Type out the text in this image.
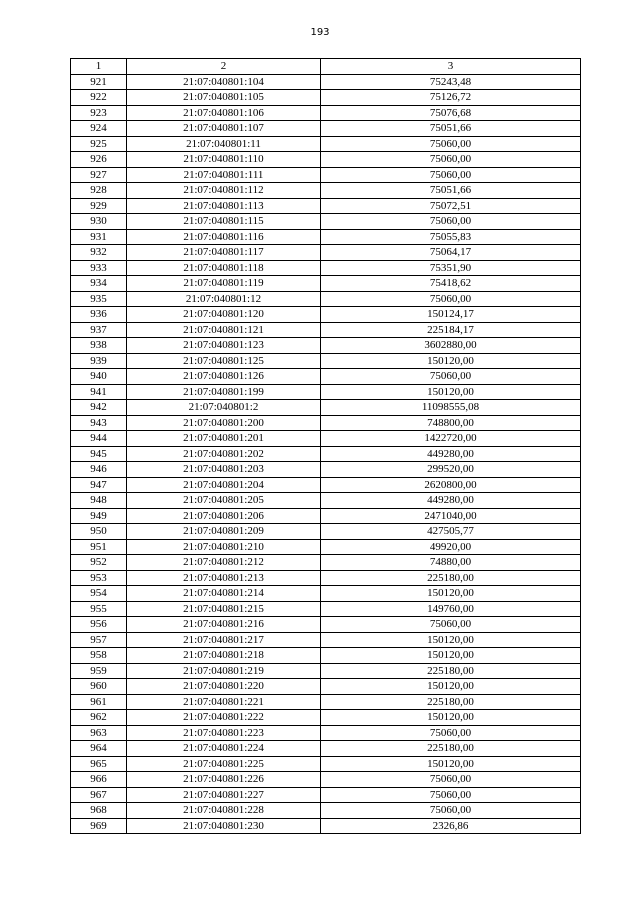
193
1	2	3
921	21:07:040801:104	75243,48
922	21:07:040801:105	75126,72
923	21:07:040801:106	75076,68
924	21:07:040801:107	75051,66
925	21:07:040801:11	75060,00
926	21:07:040801:110	75060,00
927	21:07:040801:111	75060,00
928	21:07:040801:112	75051,66
929	21:07:040801:113	75072,51
930	21:07:040801:115	75060,00
931	21:07:040801:116	75055,83
932	21:07:040801:117	75064,17
933	21:07:040801:118	75351,90
934	21:07:040801:119	75418,62
935	21:07:040801:12	75060,00
936	21:07:040801:120	150124,17
937	21:07:040801:121	225184,17
938	21:07:040801:123	3602880,00
939	21:07:040801:125	150120,00
940	21:07:040801:126	75060,00
941	21:07:040801:199	150120,00
942	21:07:040801:2	11098555,08
943	21:07:040801:200	748800,00
944	21:07:040801:201	1422720,00
945	21:07:040801:202	449280,00
946	21:07:040801:203	299520,00
947	21:07:040801:204	2620800,00
948	21:07:040801:205	449280,00
949	21:07:040801:206	2471040,00
950	21:07:040801:209	427505,77
951	21:07:040801:210	49920,00
952	21:07:040801:212	74880,00
953	21:07:040801:213	225180,00
954	21:07:040801:214	150120,00
955	21:07:040801:215	149760,00
956	21:07:040801:216	75060,00
957	21:07:040801:217	150120,00
958	21:07:040801:218	150120,00
959	21:07:040801:219	225180,00
960	21:07:040801:220	150120,00
961	21:07:040801:221	225180,00
962	21:07:040801:222	150120,00
963	21:07:040801:223	75060,00
964	21:07:040801:224	225180,00
965	21:07:040801:225	150120,00
966	21:07:040801:226	75060,00
967	21:07:040801:227	75060,00
968	21:07:040801:228	75060,00
969	21:07:040801:230	2326,86
